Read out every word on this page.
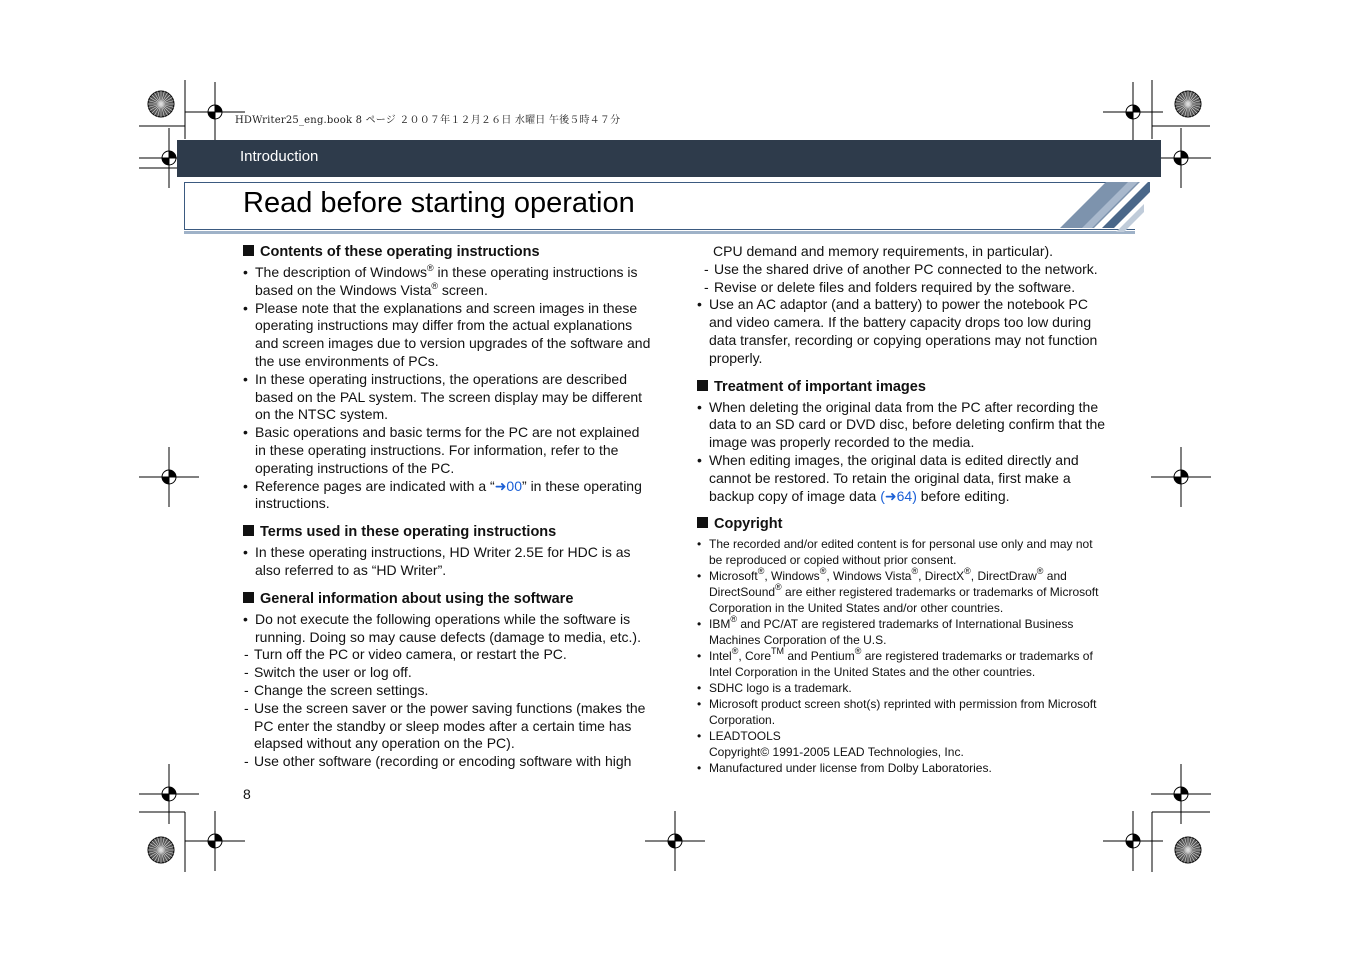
HDWriter25_eng.book 8 ページ ２００７年１２月２６日 水曜日 午後５時４７分
Introduction
Read before starting operation
Contents of these operating instructions

• The description of Windows® in these operating instructions is based on the Windows Vista® screen.

• Please note that the explanations and screen images in these operating instructions may differ from the actual explanations and screen images due to version upgrades of the software and the use environments of PCs.

• In these operating instructions, the operations are described based on the PAL system. The screen display may be different on the NTSC system.

• Basic operations and basic terms for the PC are not explained in these operating instructions. For information, refer to the operating instructions of the PC.

• Reference pages are indicated with a “➜00” in these operating instructions.

Terms used in these operating instructions

• In these operating instructions, HD Writer 2.5E for HDC is as also referred to as “HD Writer”.

General information about using the software

• Do not execute the following operations while the software is running. Doing so may cause defects (damage to media, etc.).

- Turn off the PC or video camera, or restart the PC.

- Switch the user or log off.

- Change the screen settings.

- Use the screen saver or the power saving functions (makes the PC enter the standby or sleep modes after a certain time has elapsed without any operation on the PC).

- Use other software (recording or encoding software with high

CPU demand and memory requirements, in particular).

- Use the shared drive of another PC connected to the network.

- Revise or delete files and folders required by the software.

• Use an AC adaptor (and a battery) to power the notebook PC and video camera. If the battery capacity drops too low during data transfer, recording or copying operations may not function properly.

Treatment of important images

• When deleting the original data from the PC after recording the data to an SD card or DVD disc, before deleting confirm that the image was properly recorded to the media.

• When editing images, the original data is edited directly and cannot be restored. To retain the original data, first make a backup copy of image data (➜64) before editing.

Copyright

• The recorded and/or edited content is for personal use only and may not be reproduced or copied without prior consent.

• Microsoft®, Windows®, Windows Vista®, DirectX®, DirectDraw® and DirectSound® are either registered trademarks or trademarks of Microsoft Corporation in the United States and/or other countries.

• IBM® and PC/AT are registered trademarks of International Business Machines Corporation of the U.S.

• Intel®, Core™ and Pentium® are registered trademarks or trademarks of Intel Corporation in the United States and the other countries.

• SDHC logo is a trademark.

• Microsoft product screen shot(s) reprinted with permission from Microsoft Corporation.

• LEADTOOLS
Copyright© 1991-2005 LEAD Technologies, Inc.

• Manufactured under license from Dolby Laboratories.

8
